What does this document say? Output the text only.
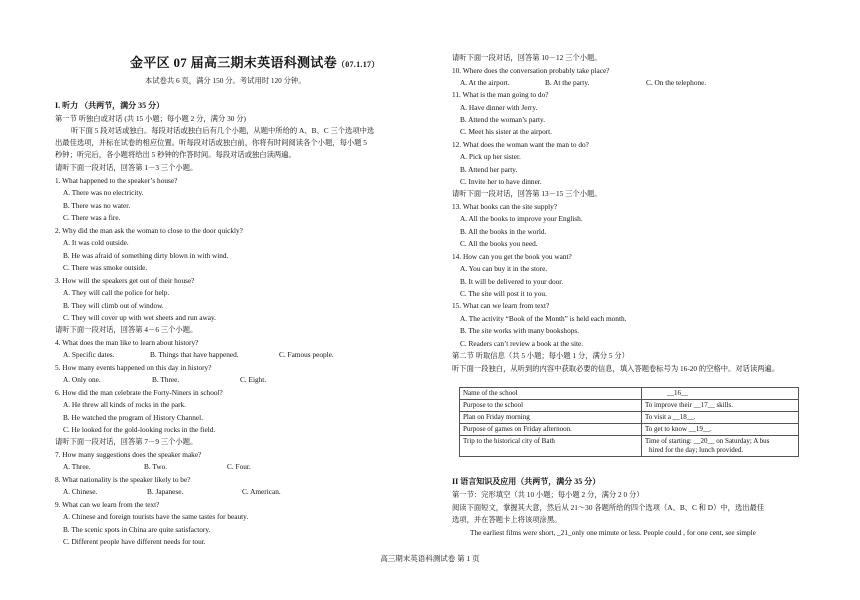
金平区 07 届高三期末英语科测试卷（07.1.17）
本试卷共 6 页，满分 150 分。考试用时 120 分钟。
I. 听力 （共两节，满分 35 分）
第一节 听独白或对话 (共 15 小题；每小题 2 分，满分 30 分)
听下面 5 段对话或独白。每段对话或独白后有几个小题，从题中所给的 A、B、C 三个选项中选
出最佳选项，并标在试卷的相应位置。听每段对话或独白前，你将有时间阅读各个小题，每小题 5
秒钟；听完后，各小题将给出 5 秒钟的作答时间。每段对话或独白读两遍。
请听下面一段对话，回答第 1－3 三个小题。
1. What happened to the speaker’s house?
A. There was no electricity.
B. There was no water.
C. There was a fire.
2. Why did the man ask the woman to close to the door quickly?
A. It was cold outside.
B. He was afraid of something dirty blown in with wind.
C. There was smoke outside.
3. How will the speakers get out of their house?
A. They will call the police for help.
B. They will climb out of window.
C. They will cover up with wet sheets and run away.
请听下面一段对话，回答第 4－6 三个小题。
4. What does the man like to learn about history?
A. Specific dates.	B. Things that have happened.	C. Famous people.
5. How many events happened on this day in history?
A. Only one.	B. Three.	C. Eight.
6. How did the man celebrate the Forty-Niners in school?
A. He threw all kinds of rocks in the park.
B. He watched the program of History Channel.
C. He looked for the gold-looking rocks in the field.
请听下面一段对话，回答第 7－9 三个小题。
7. How many suggestions does the speaker make?
A. Three.	B. Two.	C. Four.
8. What nationality is the speaker likely to be?
A. Chinese.	B. Japanese.	C. American.
9. What can we learn from the text?
A. Chinese and foreign tourists have the same tastes for beauty.
B. The scenic spots in China are quite satisfactory.
C. Different people have different needs for tour.
请听下面一段对话，回答第 10－12 三个小题。
10. Where does the conversation probably take place?
A. At the airport.	B. At the party.	C. On the telephone.
11. What is the man going to do?
A. Have dinner with Jerry.
B. Attend the woman’s party.
C. Meet his sister at the airport.
12. What does the woman want the man to do?
A. Pick up her sister.
B. Attend her party.
C. Invite her to have dinner.
请听下面一段对话，回答第 13－15 三个小题。
13. What books can the site supply?
A. All the books to improve your English.
B. All the books in the world.
C. All the books you need.
14. How can you get the book you want?
A. You can buy it in the store.
B. It will be delivered to your door.
C. The site will post it to you.
15. What can we learn from text?
A. The activity “Book of the Month” is held each month.
B. The site works with many bookshops.
C. Readers can’t review a book at the site.
第二节 听取信息（共 5 小题；每小题 1 分，满分 5 分）
听下面一段独白，从听到的内容中获取必要的信息，填入答题卷标号为 16-20 的空格中。对话读两遍。
Name of the school	__16__
Purpose to the school	To improve their __17__ skills.
Plan on Friday morning	To visit a __18__.
Purpose of games on Friday afternoon.	To get to know __19__.
Trip to the historical city of Bath	Time of starting: __20__ on Saturday; A bus
hired for the day; lunch provided.
II 语言知识及应用（共两节，满分 35 分）
第一节：完形填空（共 10 小题；每小题 2 分，满分 2 0 分）
阅读下面短文，掌握其大意，然后从 21～30 各题所给的四个选项（A、B、C 和 D）中，选出最佳
选项，并在答题卡上将该项涂黑。
The earliest films were short, _21_only one minute or less. People could , for one cent, see simple
高三期末英语科测试卷 第 1 页
